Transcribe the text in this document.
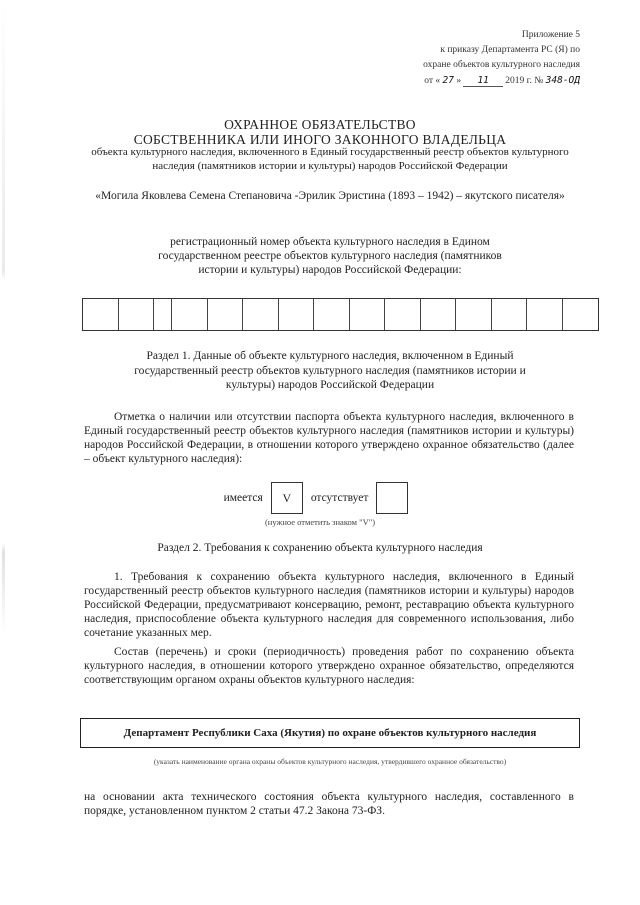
Приложение 5
к приказу Департамента РС (Я) по
охране объектов культурного наследия
от « 27 » 11 2019 г. № 348-ОД
ОХРАННОЕ ОБЯЗАТЕЛЬСТВО
СОБСТВЕННИКА ИЛИ ИНОГО ЗАКОННОГО ВЛАДЕЛЬЦА
объекта культурного наследия, включенного в Единый государственный реестр объектов культурного наследия (памятников истории и культуры) народов Российской Федерации
«Могила Яковлева Семена Степановича -Эрилик Эристина (1893 – 1942) – якутского писателя»
регистрационный номер объекта культурного наследия в Едином государственном реестре объектов культурного наследия (памятников истории и культуры) народов Российской Федерации:
Раздел 1. Данные об объекте культурного наследия, включенном в Единый государственный реестр объектов культурного наследия (памятников истории и культуры) народов Российской Федерации
Отметка о наличии или отсутствии паспорта объекта культурного наследия, включенного в Единый государственный реестр объектов культурного наследия (памятников истории и культуры) народов Российской Федерации, в отношении которого утверждено охранное обязательство (далее – объект культурного наследия):
имеется	V	отсутствует
(нужное отметить знаком "V")
Раздел 2. Требования к сохранению объекта культурного наследия
1. Требования к сохранению объекта культурного наследия, включенного в Единый государственный реестр объектов культурного наследия (памятников истории и культуры) народов Российской Федерации, предусматривают консервацию, ремонт, реставрацию объекта культурного наследия, приспособление объекта культурного наследия для современного использования, либо сочетание указанных мер.
Состав (перечень) и сроки (периодичность) проведения работ по сохранению объекта культурного наследия, в отношении которого утверждено охранное обязательство, определяются соответствующим органом охраны объектов культурного наследия:
Департамент Республики Саха (Якутия) по охране объектов культурного наследия
(указать наименование органа охраны объектов культурного наследия, утвердившего охранное обязательство)
на основании акта технического состояния объекта культурного наследия, составленного в порядке, установленном пунктом 2 статьи 47.2 Закона 73-ФЗ.
